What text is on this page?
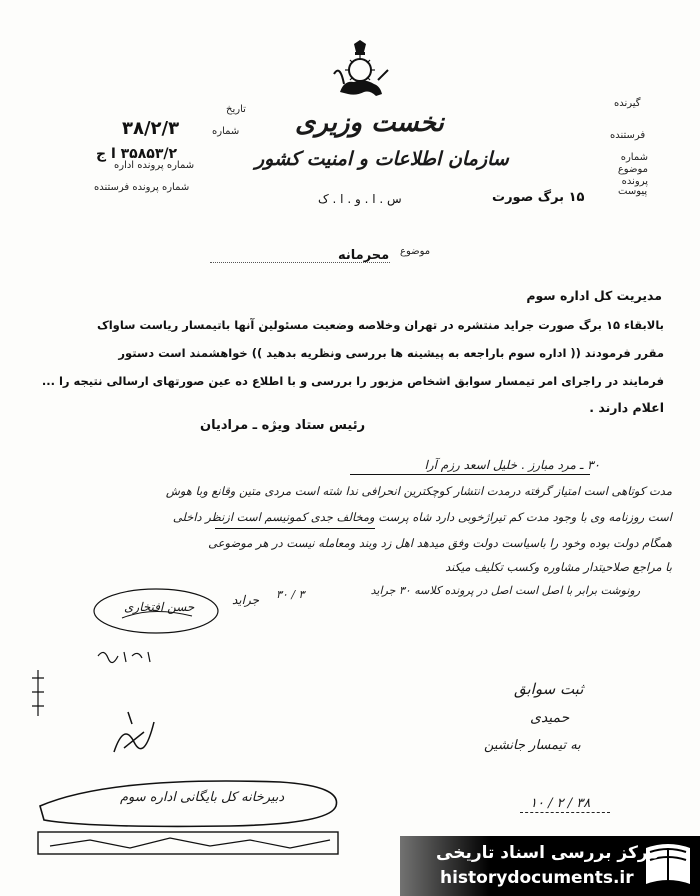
نخست وزیری
سازمان اطلاعات و امنیت کشور
س . ا . و . ا . ک
تاریخ
۳۸/۲/۳	شماره
۳۵۸۵۳/۲ ا ج
شماره پرونده اداره
شماره پرونده فرستنده
گیرنده
فرستنده
شماره موضوع پرونده
پیوست
۱۵ برگ صورت
موضوع
محرمانه
مدیریت کل اداره سوم
بالابقاء ۱۵ برگ صورت جراید منتشره در تهران وخلاصه وضعیت مسئولین آنها باتیمسار ریاست ساواک
مقرر فرمودند (( اداره سوم باراجعه به پیشینه ها بررسی ونظریه بدهید )) خواهشمند است دستور
فرمایند در راجرای امر تیمسار سوابق اشخاص مزبور را بررسی و با اطلاع ده عین صورتهای ارسالی نتیجه را ...
اعلام دارند .
رئیس ستاد ویژه ـ مرادیان
۳۰ ـ مرد مبارز . خلیل اسعد رزم آرا
مدت کوتاهی است امتیاز گرفته درمدت انتشار کوچکترین انحرافی ندا شته است مردی متین وقانع وبا هوش
است روزنامه وی با وجود مدت کم تیراژخوبی دارد شاه پرست ومخالف جدی کمونیسم است ازنظر داخلی
همگام دولت بوده وخود را باسیاست دولت وفق میدهد اهل زد وبند ومعامله نیست در هر موضوعی
با مراجع صلاحیتدار مشاوره وکسب تکلیف میکند
رونوشت برابر با اصل است اصل در پرونده کلاسه ۳۰ جراید
۳۰ / ۳
جراید
حسن افتخاری
ثبت سوابق
حمیدی
به تیمسار جانشین
۱۰ / ۲ / ۳۸
دبیرخانه کل بایگانی اداره سوم
مرکز بررسی اسناد تاریخی
historydocuments.ir
